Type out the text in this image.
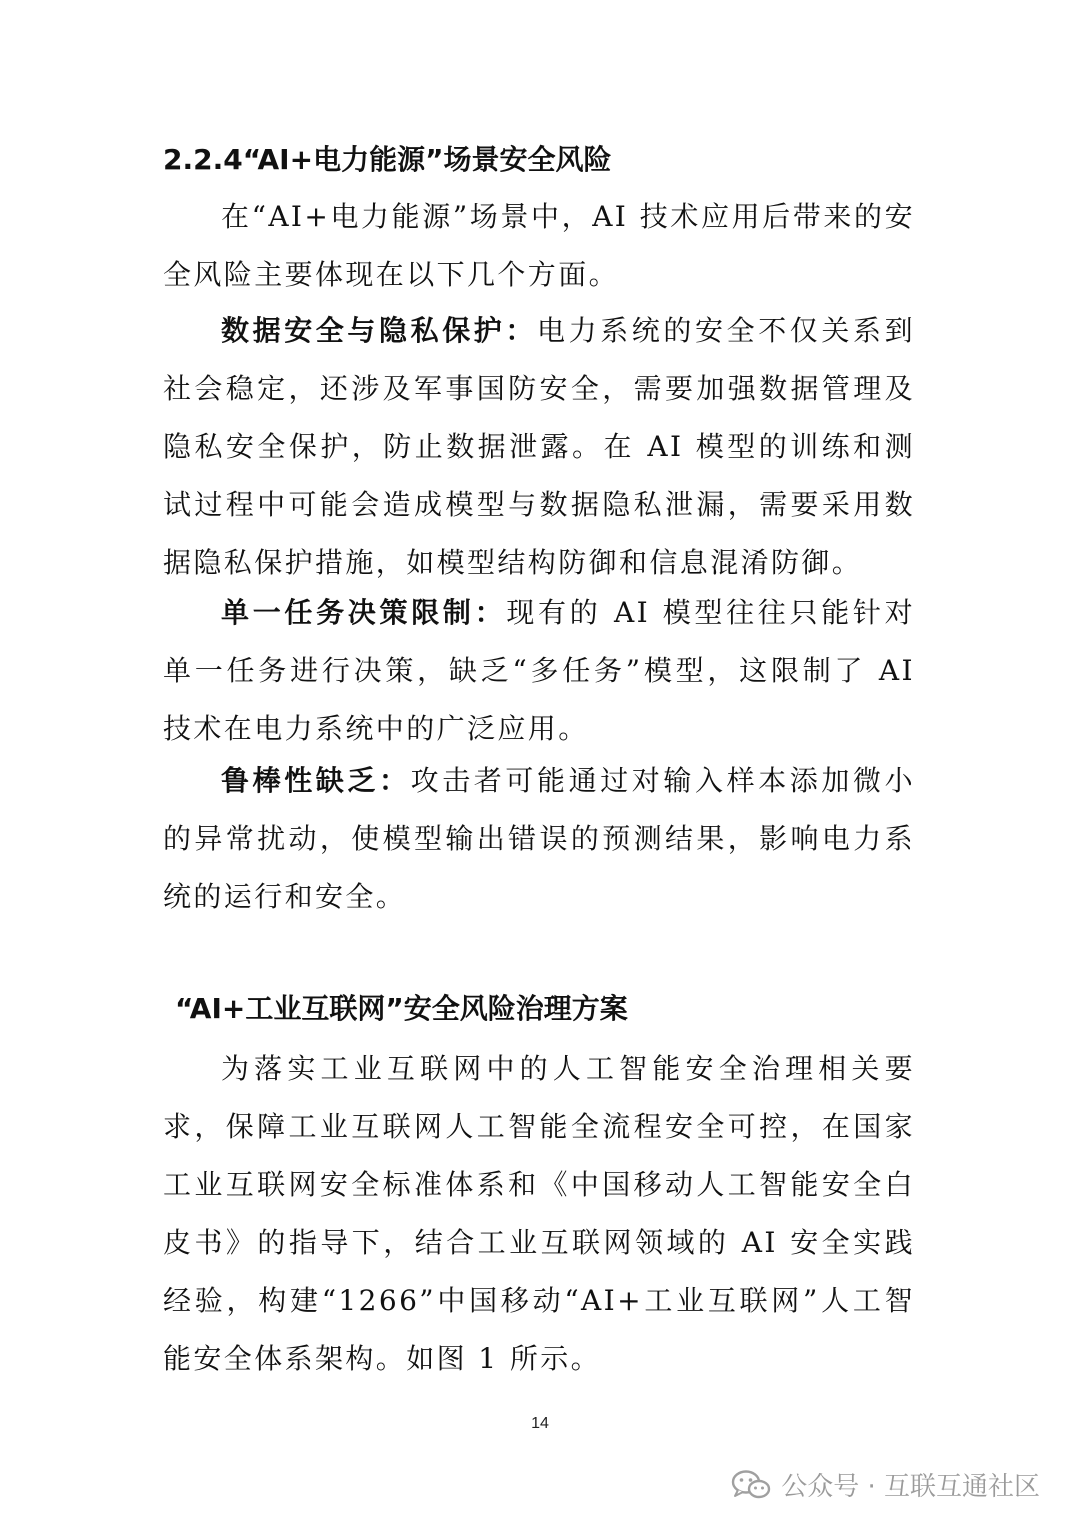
2.2.4“AI+电力能源”场景安全风险

在“AI+电力能源”场景中，AI 技术应用后带来的安全风险主要体现在以下几个方面。

数据安全与隐私保护：电力系统的安全不仅关系到社会稳定，还涉及军事国防安全，需要加强数据管理及隐私安全保护，防止数据泄露。在 AI 模型的训练和测试过程中可能会造成模型与数据隐私泄漏，需要采用数据隐私保护措施，如模型结构防御和信息混淆防御。

单一任务决策限制：现有的 AI 模型往往只能针对单一任务进行决策，缺乏“多任务”模型，这限制了 AI 技术在电力系统中的广泛应用。

鲁棒性缺乏：攻击者可能通过对输入样本添加微小的异常扰动，使模型输出错误的预测结果，影响电力系统的运行和安全。

“AI+工业互联网”安全风险治理方案

为落实工业互联网中的人工智能安全治理相关要求，保障工业互联网人工智能全流程安全可控，在国家工业互联网安全标准体系和《中国移动人工智能安全白皮书》的指导下，结合工业互联网领域的 AI 安全实践经验，构建“1266”中国移动“AI+工业互联网”人工智能安全体系架构。如图 1 所示。

14
公众号 · 互联互通社区
